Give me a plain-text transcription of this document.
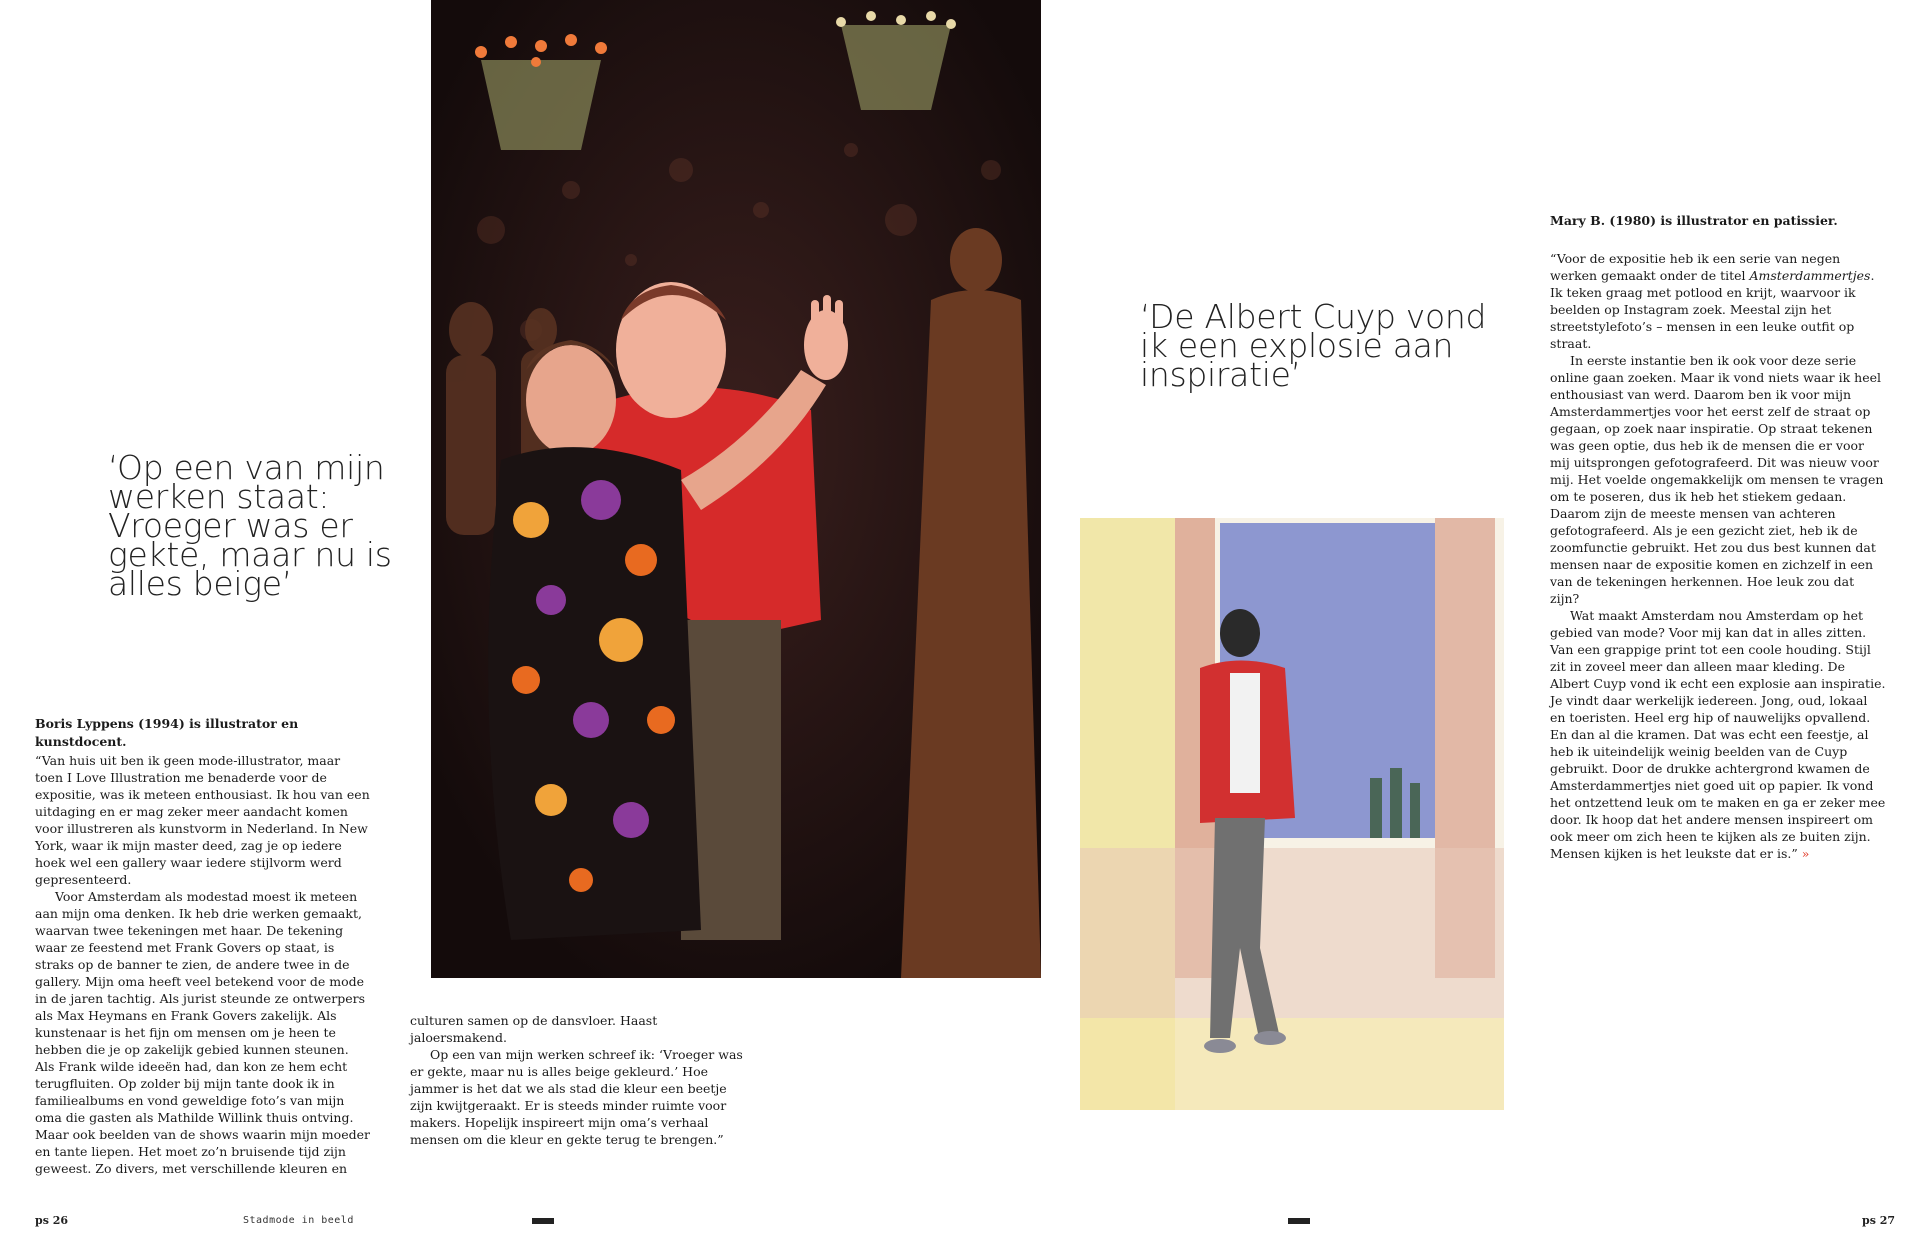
‘Op een van mijn werken staat: Vroeger was er gekte, maar nu is alles beige’
Boris Lyppens (1994) is illustrator en kunstdocent.

“Van huis uit ben ik geen mode-illustrator, maar toen I Love Illustration me benaderde voor de expositie, was ik meteen enthousiast. Ik hou van een uitdaging en er mag zeker meer aandacht komen voor illustreren als kunstvorm in Nederland. In New York, waar ik mijn master deed, zag je op iedere hoek wel een gallery waar iedere stijlvorm werd gepresenteerd.

Voor Amsterdam als modestad moest ik meteen aan mijn oma denken. Ik heb drie werken gemaakt, waarvan twee tekeningen met haar. De tekening waar ze feestend met Frank Govers op staat, is straks op de banner te zien, de andere twee in de gallery. Mijn oma heeft veel betekend voor de mode in de jaren tachtig. Als jurist steunde ze ontwerpers als Max Heymans en Frank Govers zakelijk. Als kunstenaar is het fijn om mensen om je heen te hebben die je op zakelijk gebied kunnen steunen. Als Frank wilde ideeën had, dan kon ze hem echt terugfluiten. Op zolder bij mijn tante dook ik in familiealbums en vond geweldige foto’s van mijn oma die gasten als Mathilde Willink thuis ontving. Maar ook beelden van de shows waarin mijn moeder en tante liepen. Het moet zo’n bruisende tijd zijn geweest. Zo divers, met verschillende kleuren en

culturen samen op de dansvloer. Haast jaloersmakend.

Op een van mijn werken schreef ik: ‘Vroeger was er gekte, maar nu is alles beige gekleurd.’ Hoe jammer is het dat we als stad die kleur een beetje zijn kwijtgeraakt. Er is steeds minder ruimte voor makers. Hopelijk inspireert mijn oma’s verhaal mensen om die kleur en gekte terug te brengen.”

ps 26	Stadmode in beeld
‘De Albert Cuyp vond ik een explosie aan inspiratie’
Mary B. (1980) is illustrator en patissier.

“Voor de expositie heb ik een serie van negen werken gemaakt onder de titel Amsterdammertjes. Ik teken graag met potlood en krijt, waarvoor ik beelden op Instagram zoek. Meestal zijn het streetstylefoto’s – mensen in een leuke outfit op straat.

In eerste instantie ben ik ook voor deze serie online gaan zoeken. Maar ik vond niets waar ik heel enthousiast van werd. Daarom ben ik voor mijn Amsterdammertjes voor het eerst zelf de straat op gegaan, op zoek naar inspiratie. Op straat tekenen was geen optie, dus heb ik de mensen die er voor mij uitsprongen gefotografeerd. Dit was nieuw voor mij. Het voelde ongemakkelijk om mensen te vragen om te poseren, dus ik heb het stiekem gedaan. Daarom zijn de meeste mensen van achteren gefotografeerd. Als je een gezicht ziet, heb ik de zoomfunctie gebruikt. Het zou dus best kunnen dat mensen naar de expositie komen en zichzelf in een van de tekeningen herkennen. Hoe leuk zou dat zijn?

Wat maakt Amsterdam nou Amsterdam op het gebied van mode? Voor mij kan dat in alles zitten. Van een grappige print tot een coole houding. Stijl zit in zoveel meer dan alleen maar kleding. De Albert Cuyp vond ik echt een explosie aan inspiratie. Je vindt daar werkelijk iedereen. Jong, oud, lokaal en toeristen. Heel erg hip of nauwelijks opvallend. En dan al die kramen. Dat was echt een feestje, al heb ik uiteindelijk weinig beelden van de Cuyp gebruikt. Door de drukke achtergrond kwamen de Amsterdammertjes niet goed uit op papier. Ik vond het ontzettend leuk om te maken en ga er zeker mee door. Ik hoop dat het andere mensen inspireert om ook meer om zich heen te kijken als ze buiten zijn. Mensen kijken is het leukste dat er is.” »

ps 27
